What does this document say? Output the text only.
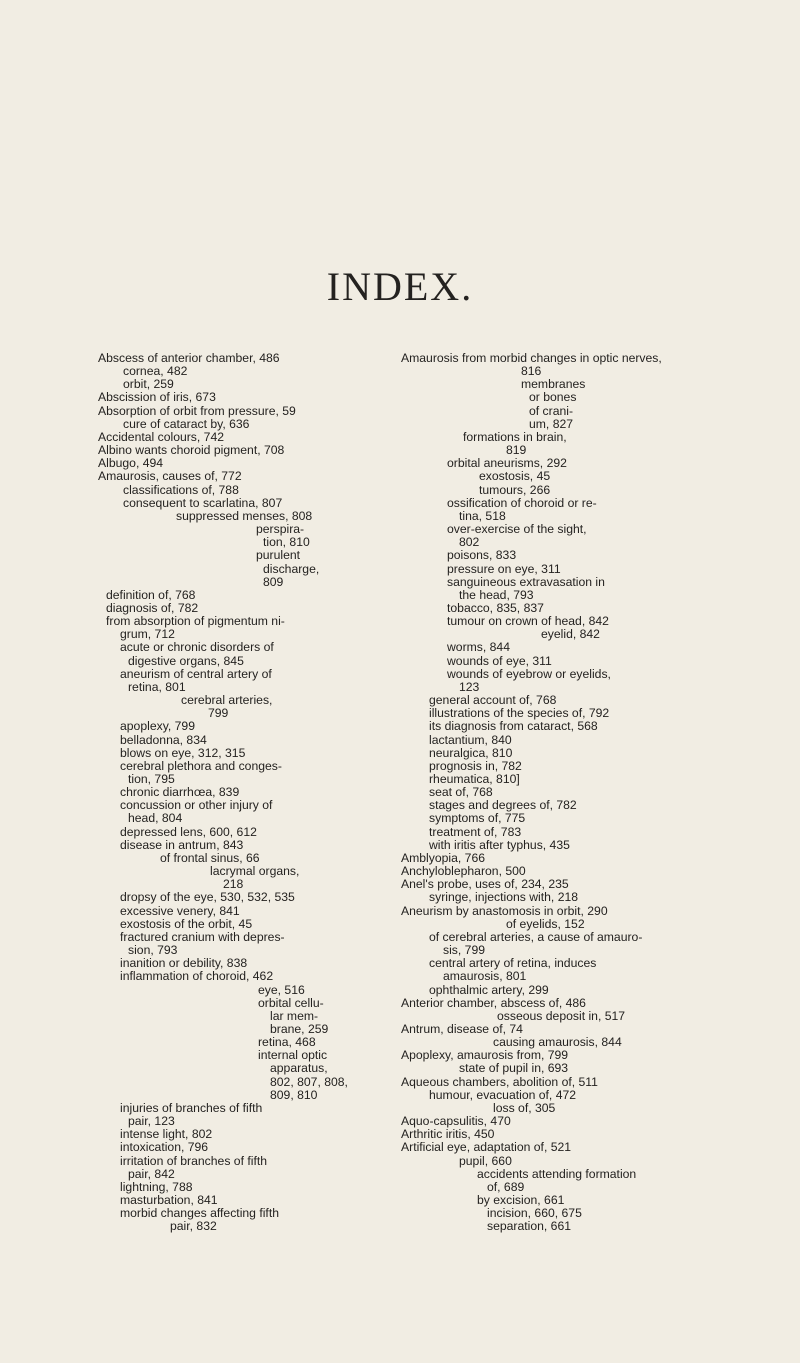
INDEX.
Abscess of anterior chamber, 486
cornea, 482
orbit, 259
Abscission of iris, 673
Absorption of orbit from pressure, 59
cure of cataract by, 636
Accidental colours, 742
Albino wants choroid pigment, 708
Albugo, 494
Amaurosis, causes of, 772
classifications of, 788
consequent to scarlatina, 807
suppressed menses, 808
perspira-
tion, 810
purulent
discharge,
809
definition of, 768
diagnosis of, 782
from absorption of pigmentum ni-
grum, 712
acute or chronic disorders of
digestive organs, 845
aneurism of central artery of
retina, 801
cerebral arteries,
799
apoplexy, 799
belladonna, 834
blows on eye, 312, 315
cerebral plethora and conges-
tion, 795
chronic diarrhœa, 839
concussion or other injury of
head, 804
depressed lens, 600, 612
disease in antrum, 843
of frontal sinus, 66
lacrymal organs,
218
dropsy of the eye, 530, 532, 535
excessive venery, 841
exostosis of the orbit, 45
fractured cranium with depres-
sion, 793
inanition or debility, 838
inflammation of choroid, 462
eye, 516
orbital cellu-
lar mem-
brane, 259
retina, 468
internal optic
apparatus,
802, 807, 808,
809, 810
injuries of branches of fifth
pair, 123
intense light, 802
intoxication, 796
irritation of branches of fifth
pair, 842
lightning, 788
masturbation, 841
morbid changes affecting fifth
pair, 832
Amaurosis from morbid changes in optic nerves,
816
membranes
or bones
of crani-
um, 827
formations in brain,
819
orbital aneurisms, 292
exostosis, 45
tumours, 266
ossification of choroid or re-
tina, 518
over-exercise of the sight,
802
poisons, 833
pressure on eye, 311
sanguineous extravasation in
the head, 793
tobacco, 835, 837
tumour on crown of head, 842
eyelid, 842
worms, 844
wounds of eye, 311
wounds of eyebrow or eyelids,
123
general account of, 768
illustrations of the species of, 792
its diagnosis from cataract, 568
lactantium, 840
neuralgica, 810
prognosis in, 782
rheumatica, 810]
seat of, 768
stages and degrees of, 782
symptoms of, 775
treatment of, 783
with iritis after typhus, 435
Amblyopia, 766
Anchyloblepharon, 500
Anel's probe, uses of, 234, 235
syringe, injections with, 218
Aneurism by anastomosis in orbit, 290
of eyelids, 152
of cerebral arteries, a cause of amauro-
sis, 799
central artery of retina, induces
amaurosis, 801
ophthalmic artery, 299
Anterior chamber, abscess of, 486
osseous deposit in, 517
Antrum, disease of, 74
causing amaurosis, 844
Apoplexy, amaurosis from, 799
state of pupil in, 693
Aqueous chambers, abolition of, 511
humour, evacuation of, 472
loss of, 305
Aquo-capsulitis, 470
Arthritic iritis, 450
Artificial eye, adaptation of, 521
pupil, 660
accidents attending formation
of, 689
by excision, 661
incision, 660, 675
separation, 661
